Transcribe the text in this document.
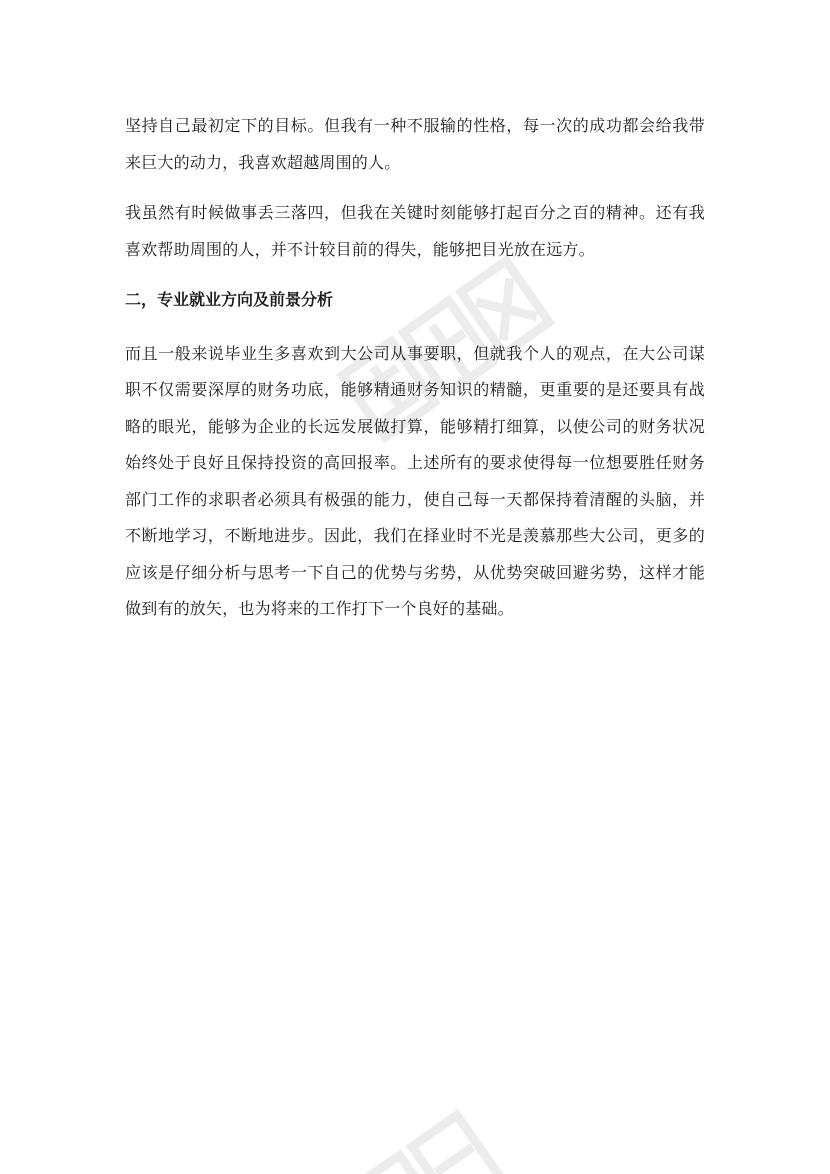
坚持自己最初定下的目标。但我有一种不服输的性格，每一次的成功都会给我带来巨大的动力，我喜欢超越周围的人。

我虽然有时候做事丢三落四，但我在关键时刻能够打起百分之百的精神。还有我喜欢帮助周围的人，并不计较目前的得失，能够把目光放在远方。

二，专业就业方向及前景分析

而且一般来说毕业生多喜欢到大公司从事要职，但就我个人的观点，在大公司谋职不仅需要深厚的财务功底，能够精通财务知识的精髓，更重要的是还要具有战略的眼光，能够为企业的长远发展做打算，能够精打细算，以使公司的财务状况始终处于良好且保持投资的高回报率。上述所有的要求使得每一位想要胜任财务部门工作的求职者必须具有极强的能力，使自己每一天都保持着清醒的头脑，并不断地学习，不断地进步。因此，我们在择业时不光是羡慕那些大公司，更多的应该是仔细分析与思考一下自己的优势与劣势，从优势突破回避劣势，这样才能做到有的放矢，也为将来的工作打下一个良好的基础。
